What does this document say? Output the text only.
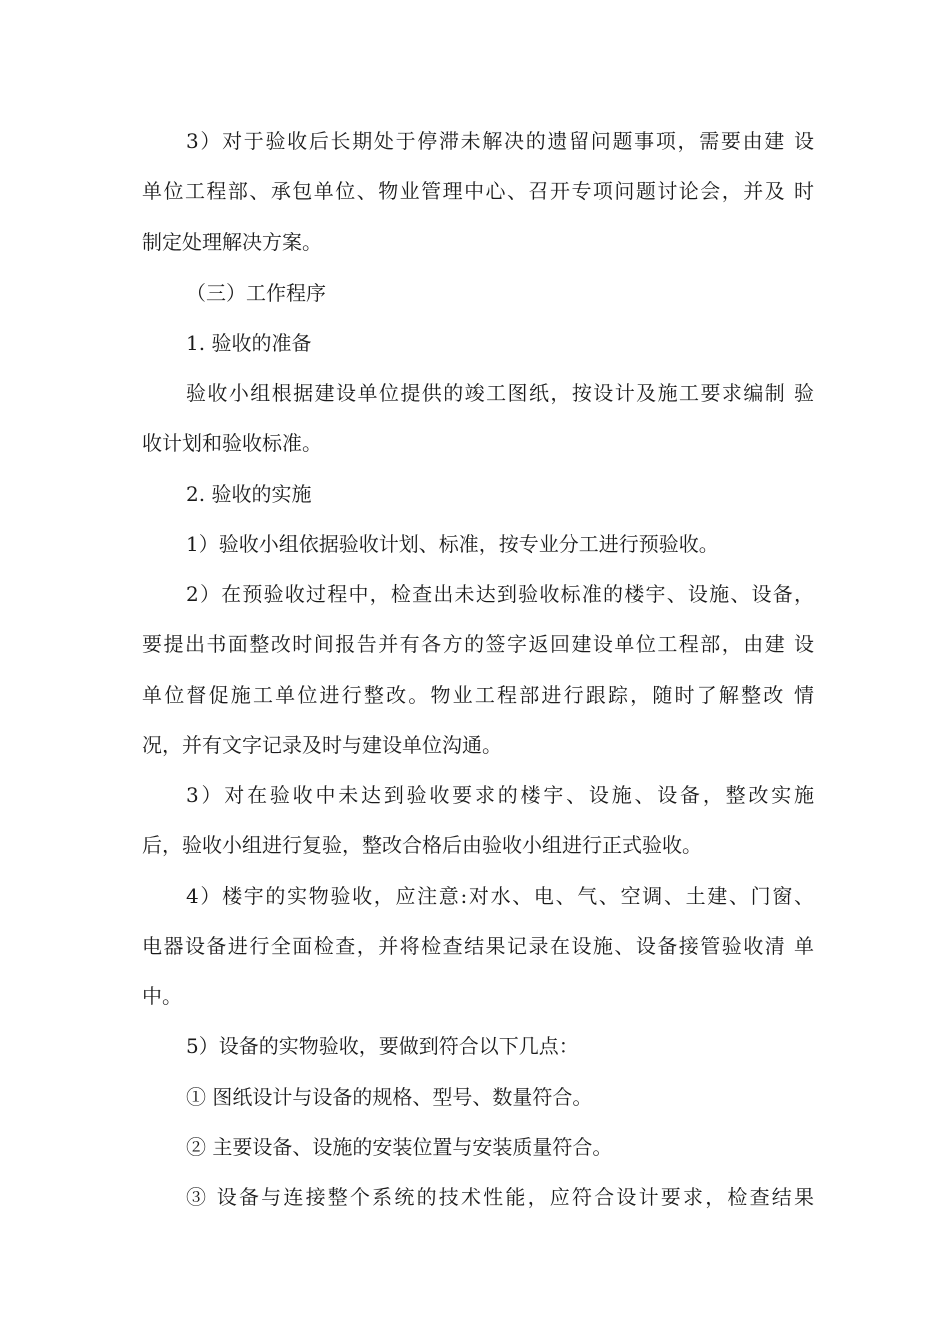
3）对于验收后长期处于停滞未解决的遗留问题事项，需要由建 设
单位工程部、承包单位、物业管理中心、召开专项问题讨论会，并及 时
制定处理解决方案。
（三）工作程序
1. 验收的准备
验收小组根据建设单位提供的竣工图纸，按设计及施工要求编制 验
收计划和验收标准。
2. 验收的实施
1）验收小组依据验收计划、标准，按专业分工进行预验收。
2）在预验收过程中，检查出未达到验收标准的楼宇、设施、设备，
要提出书面整改时间报告并有各方的签字返回建设单位工程部，由建 设
单位督促施工单位进行整改。物业工程部进行跟踪，随时了解整改 情
况，并有文字记录及时与建设单位沟通。
3）对在验收中未达到验收要求的楼宇、设施、设备，整改实施
后，验收小组进行复验，整改合格后由验收小组进行正式验收。
4）楼宇的实物验收，应注意:对水、电、气、空调、土建、门窗、
电器设备进行全面检查，并将检查结果记录在设施、设备接管验收清 单
中。
5）设备的实物验收，要做到符合以下几点：
① 图纸设计与设备的规格、型号、数量符合。
② 主要设备、设施的安装位置与安装质量符合。
③ 设备与连接整个系统的技术性能，应符合设计要求，检查结果
